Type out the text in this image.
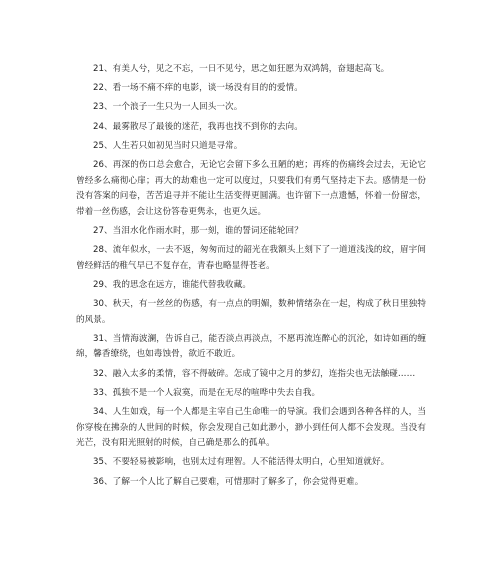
21、有美人兮，见之不忘，一日不见兮，思之如狂愿为双鸿鹄，奋翅起高飞。

22、看一场不痛不痒的电影，谈一场没有目的的爱情。

23、一个浪子一生只为一人回头一次。

24、最雾散尽了最後的迷茫，我再也找不到你的去向。

25、人生若只如初见当时只道是寻常。

26、再深的伤口总会愈合，无论它会留下多么丑陋的疤；再疼的伤痛终会过去，无论它曾经多么痛彻心扉；再大的劫难也一定可以度过，只要我们有勇气坚持走下去。感情是一份没有答案的问卷，苦苦追寻并不能让生活变得更圆满。也许留下一点遗憾，怀着一份留恋，带着一丝伤感，会让这份答卷更隽永，也更久远。

27、当泪水化作雨水时，那一刻，谁的誓词还能轮回？

28、流年似水，一去不返，匆匆而过的韶光在我额头上刻下了一道道浅浅的纹，眉宇间曾经鲜活的稚气早已不复存在，青春也略显得苍老。

29、我的思念在远方，谁能代替我收藏。

30、秋天，有一丝丝的伤感，有一点点的明媚，数种情绪杂在一起，构成了秋日里独特的风景。

31、当情海波澜，告诉自己，能否淡点再淡点，不愿再流连醉心的沉沦，如诗如画的缠绵，馨香缭绕，也如毒蚀骨，欲近不敢近。

32、融入太多的柔情，容不得破碎。怎成了镜中之月的梦幻，连指尖也无法触碰……

33、孤独不是一个人寂寞，而是在无尽的喧哗中失去自我。

34、人生如戏，每一个人都是主宰自己生命唯一的导演。我们会遇到各种各样的人，当你穿梭在拂杂的人世间的时候，你会发现自己如此渺小，渺小到任何人都不会发现。当没有光芒，没有阳光照射的时候，自己确是那么的孤单。

35、不要轻易被影响，也别太过有理智。人不能活得太明白，心里知道就好。

36、了解一个人比了解自己要难，可惜那时了解多了，你会觉得更难。
